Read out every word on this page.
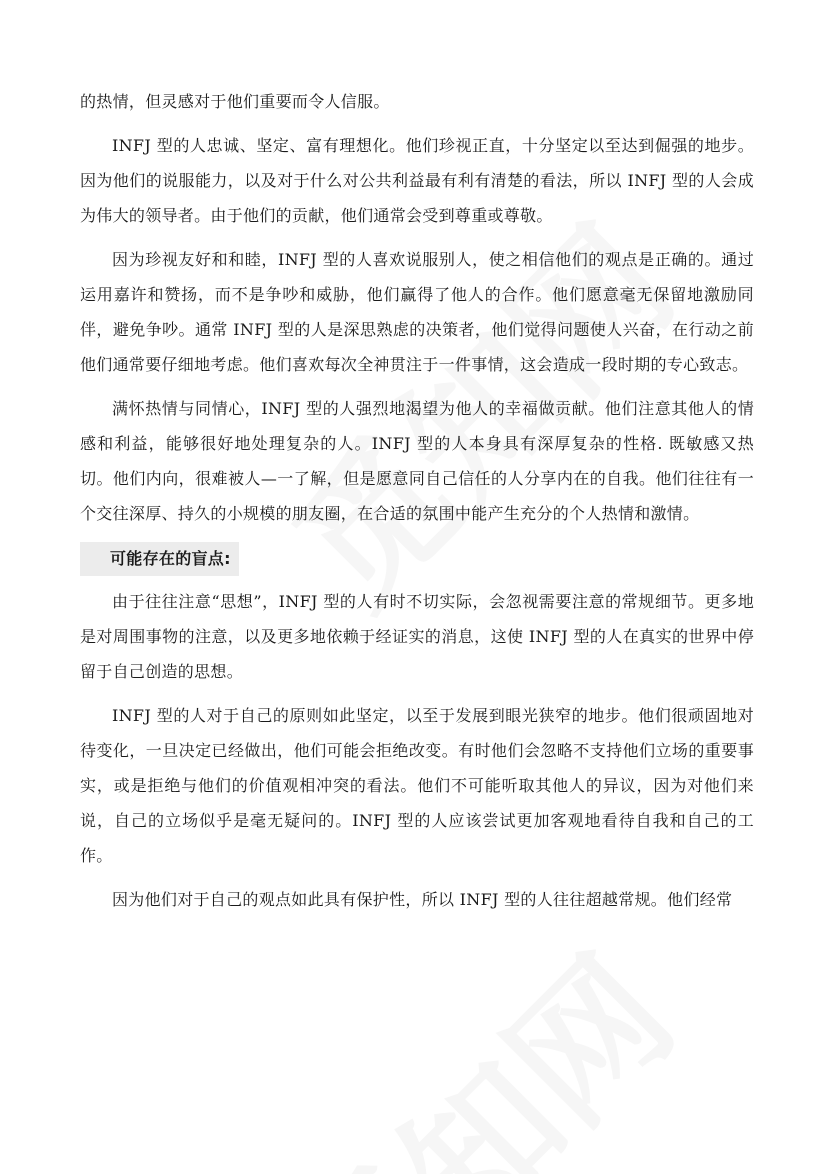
的热情，但灵感对于他们重要而令人信服。

INFJ 型的人忠诚、坚定、富有理想化。他们珍视正直，十分坚定以至达到倔强的地步。因为他们的说服能力，以及对于什么对公共利益最有利有清楚的看法，所以 INFJ 型的人会成为伟大的领导者。由于他们的贡献，他们通常会受到尊重或尊敬。

因为珍视友好和和睦，INFJ 型的人喜欢说服别人，使之相信他们的观点是正确的。通过运用嘉许和赞扬，而不是争吵和威胁，他们赢得了他人的合作。他们愿意毫无保留地激励同伴，避免争吵。通常 INFJ 型的人是深思熟虑的决策者，他们觉得问题使人兴奋，在行动之前他们通常要仔细地考虑。他们喜欢每次全神贯注于一件事情，这会造成一段时期的专心致志。

满怀热情与同情心，INFJ 型的人强烈地渴望为他人的幸福做贡献。他们注意其他人的情感和利益，能够很好地处理复杂的人。INFJ 型的人本身具有深厚复杂的性格. 既敏感又热切。他们内向，很难被人—一了解，但是愿意同自己信任的人分享内在的自我。他们往往有一个交往深厚、持久的小规模的朋友圈，在合适的氛围中能产生充分的个人热情和激情。

可能存在的盲点:

由于往往注意“思想”，INFJ 型的人有时不切实际，会忽视需要注意的常规细节。更多地是对周围事物的注意，以及更多地依赖于经证实的消息，这使 INFJ 型的人在真实的世界中停留于自己创造的思想。

INFJ 型的人对于自己的原则如此坚定，以至于发展到眼光狭窄的地步。他们很顽固地对待变化，一旦决定已经做出，他们可能会拒绝改变。有时他们会忽略不支持他们立场的重要事实，或是拒绝与他们的价值观相冲突的看法。他们不可能听取其他人的异议，因为对他们来说，自己的立场似乎是毫无疑问的。INFJ 型的人应该尝试更加客观地看待自我和自己的工作。

因为他们对于自己的观点如此具有保护性，所以 INFJ 型的人往往超越常规。他们经常
